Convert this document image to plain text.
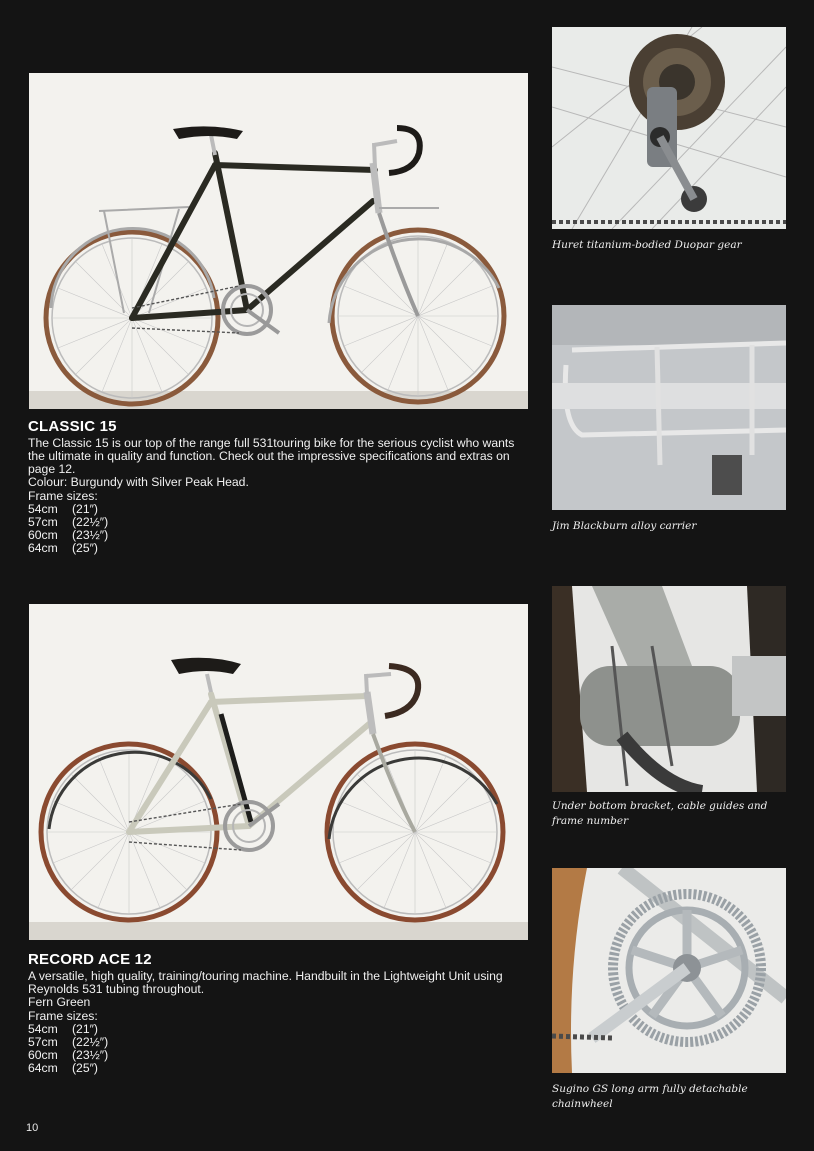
Huret titanium-bodied Duopar gear
Jim Blackburn alloy carrier
Under bottom bracket, cable guides and frame number
Sugino GS long arm fully detachable chainwheel
CLASSIC 15

The Classic 15 is our top of the range full 531touring bike for the serious cyclist who wants the ultimate in quality and function. Check out the impressive specifications and extras on page 12.

Colour: Burgundy with Silver Peak Head.

Frame sizes:

54cm (21″)
57cm (22½″)
60cm (23½″)
64cm (25″)
RECORD ACE 12

A versatile, high quality, training/touring machine. Handbuilt in the Lightweight Unit using Reynolds 531 tubing throughout.

Fern Green

Frame sizes:

54cm (21″)
57cm (22½″)
60cm (23½″)
64cm (25″)
10
